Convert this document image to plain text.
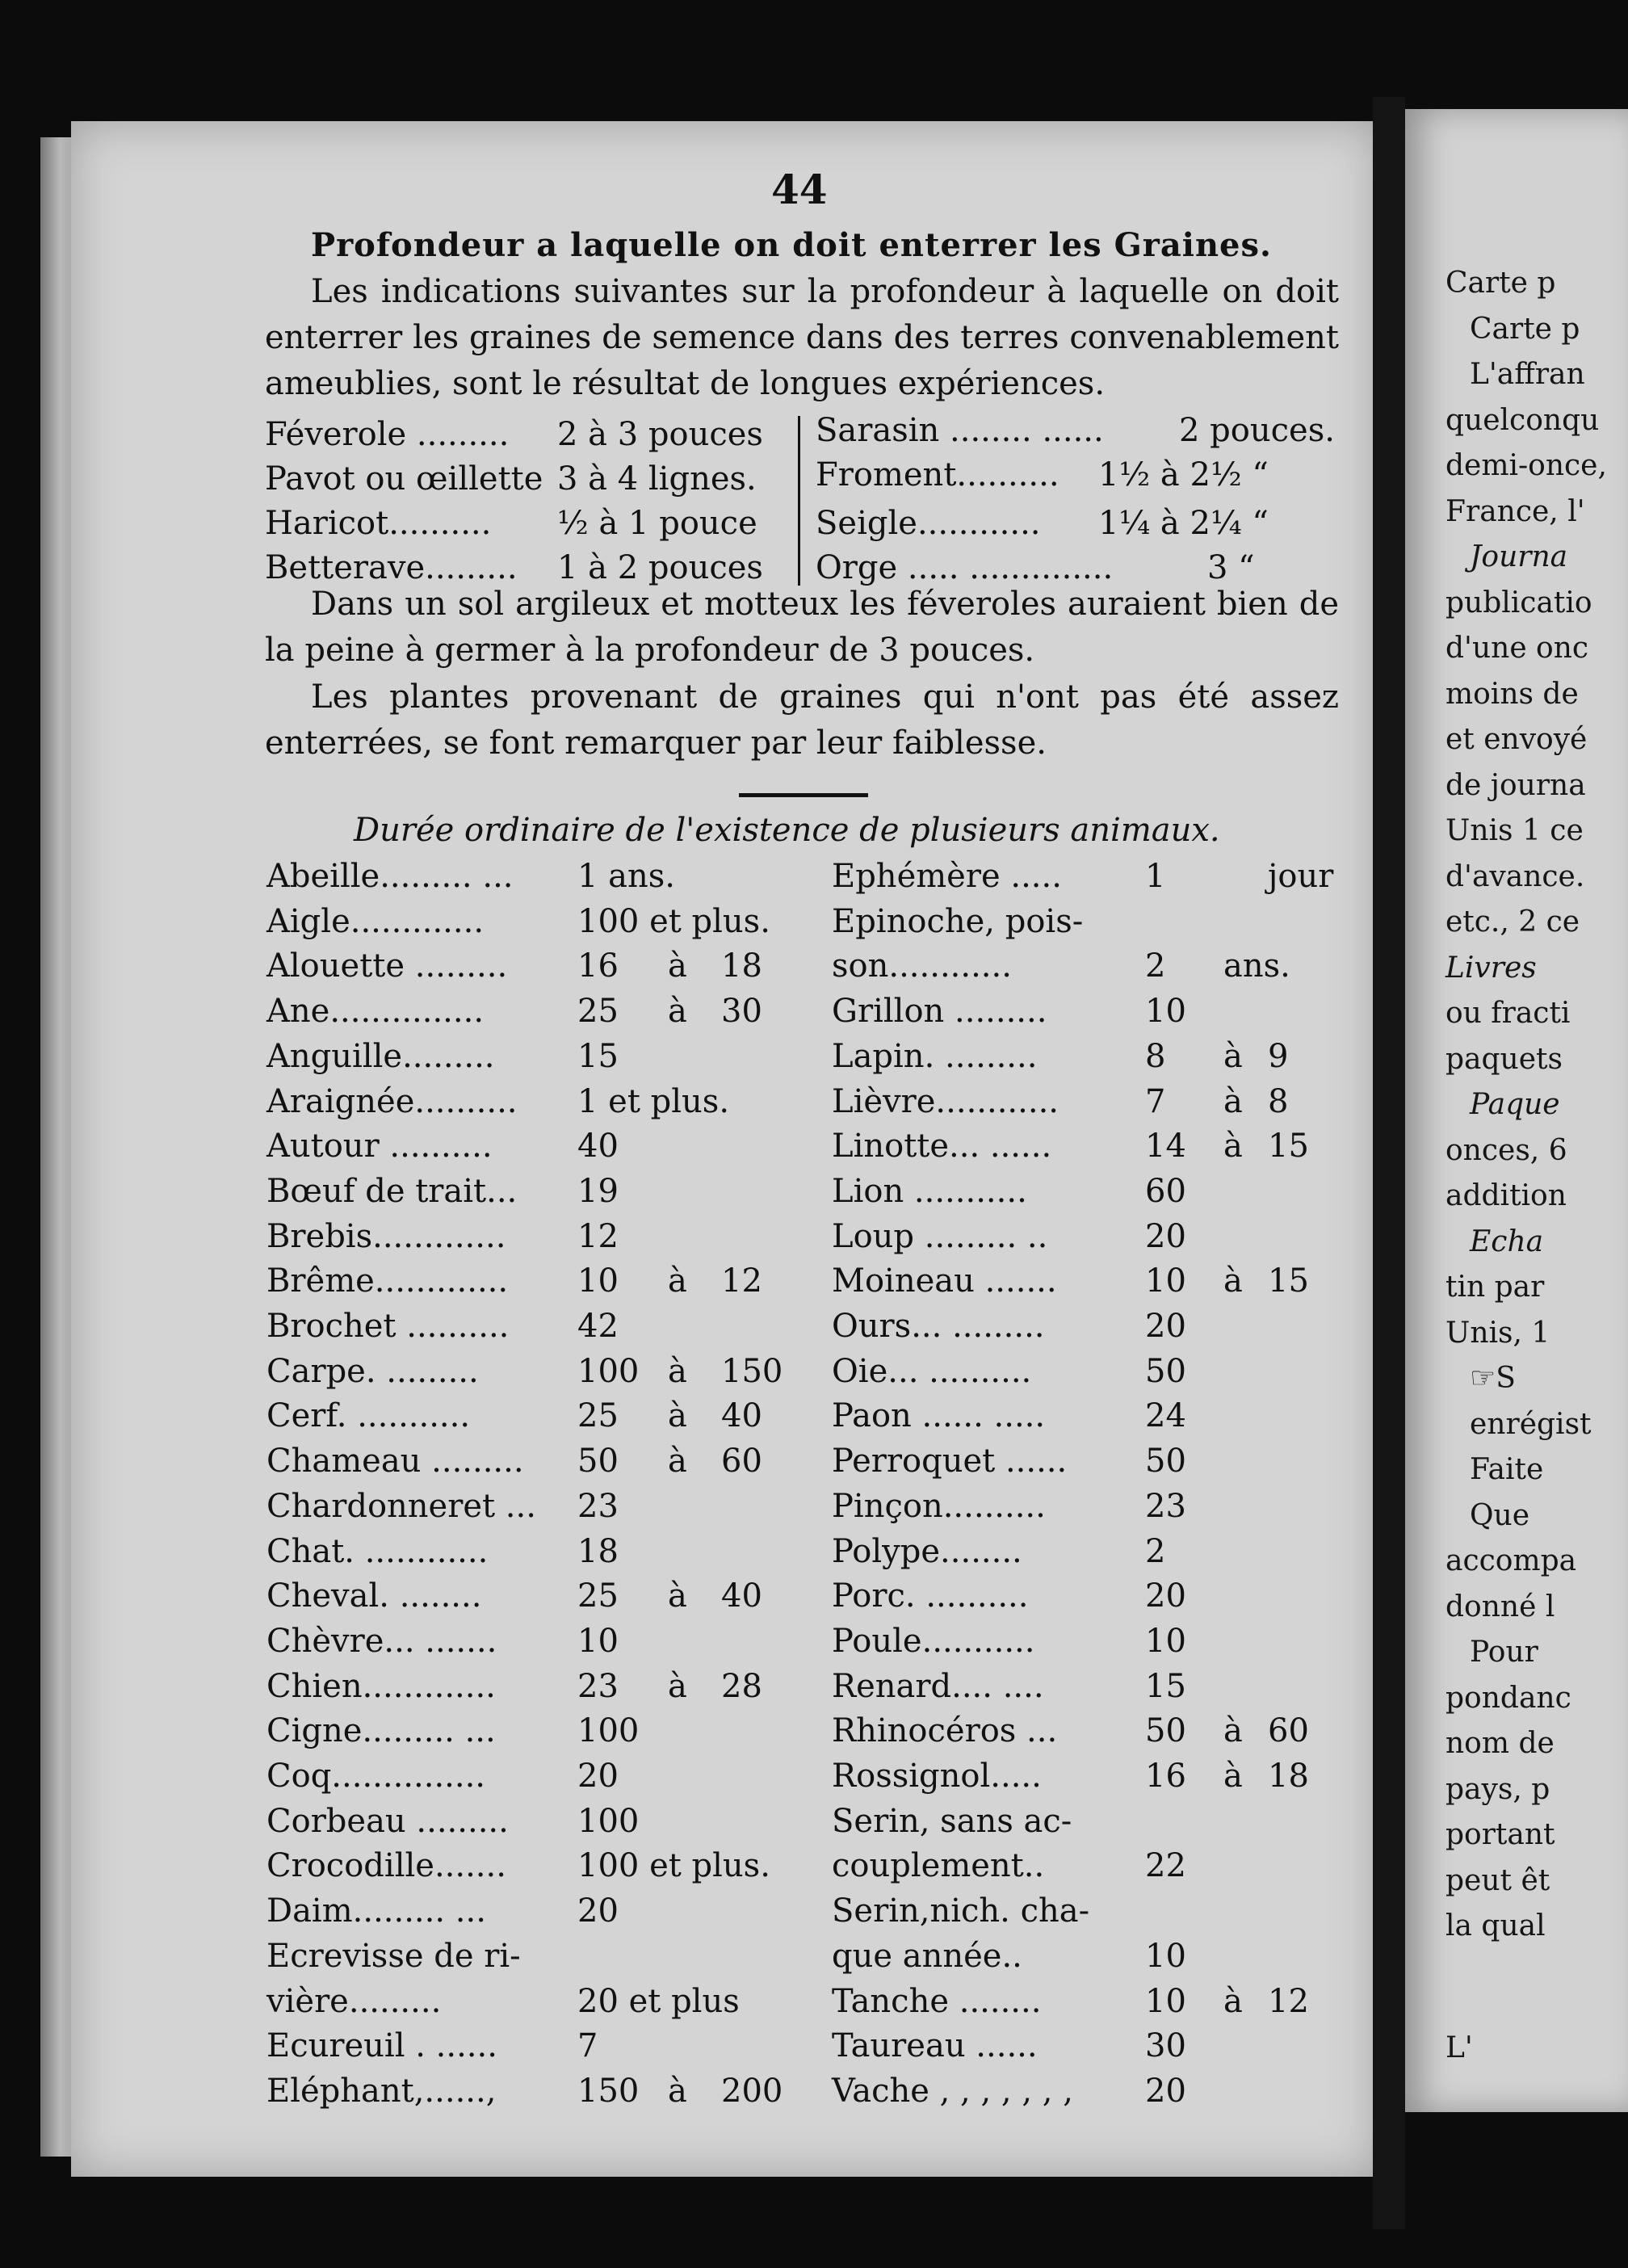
Carte p
Carte p
L'affran
quelconqu
demi-once,
France, l'
Journa
publicatio
d'une onc
moins de
et envoyé
de journa
Unis 1 ce
d'avance.
etc., 2 ce
Livres
ou fracti
paquets
Paque
onces, 6
addition
Echa
tin par
Unis, 1
☞S
enrégist
Faite
Que
accompa
donné l
Pour
pondanc
nom de
pays, p
portant
peut êt
la qual
L'
44
Profondeur a laquelle on doit enterrer les Graines.
Les indications suivantes sur la profondeur à laquelle on doit enterrer les graines de semence dans des terres convenablement ameublies, sont le résultat de longues expériences.
Féverole ......... 2 à 3 pouces
Pavot ou œillette 3 à 4 lignes.
Haricot.......... ½ à 1 pouce
Betterave......... 1 à 2 pouces
Sarasin ........ ...... 2 pouces.
Froment.......... 1½ à 2½ “
Seigle............ 1¼ à 2¼ “
Orge ..... ..............	3 “
Dans un sol argileux et motteux les féveroles auraient bien de la peine à germer à la profondeur de 3 pouces.
Les plantes provenant de graines qui n'ont pas été assez enterrées, se font remarquer par leur faiblesse.
Durée ordinaire de l'existence de plusieurs animaux.
Abeille......... ... 1 ans.
Aigle.............	100 et plus.
Alouette ......... 16 à 18
Ane...............	25 à 30
Anguille.........	15
Araignée.......... 1 et plus.
Autour ..........	40
Bœuf de trait... 19
Brebis............. 12
Brême............. 10 à 12
Brochet .......... 42
Carpe. .........	100 à 150
Cerf. ...........	25 à 40
Chameau ......... 50 à 60
Chardonneret ... 23
Chat. ............	18
Cheval. ........	25 à 40
Chèvre... ....... 10
Chien.............	23 à 28
Cigne......... ...	100
Coq...............	20
Corbeau ......... 100
Crocodille....... 100 et plus.
Daim......... ...	20
Ecrevisse de ri-
vière.........	20 et plus
Ecureuil . ...... 7
Eléphant,......,	150 à 200
Ephémère .....	1	jour
Epinoche, pois-
son............	2 ans.
Grillon .........	10
Lapin. .........	8 à 9
Lièvre............	7 à 8
Linotte... ......	14 à 15
Lion ...........	60
Loup ......... ..	20
Moineau .......	10 à 15
Ours... .........	20
Oie... ..........	50
Paon ...... .....	24
Perroquet ...... 50
Pinçon..........	23
Polype........	2
Porc. ..........	20
Poule...........	10
Renard.... ....	15
Rhinocéros ...	50 à 60
Rossignol.....	16 à 18
Serin, sans ac-
couplement..	22
Serin,nich. cha-
que année..	10
Tanche ........	10 à 12
Taureau ......	30
Vache , , , , , , , 20
